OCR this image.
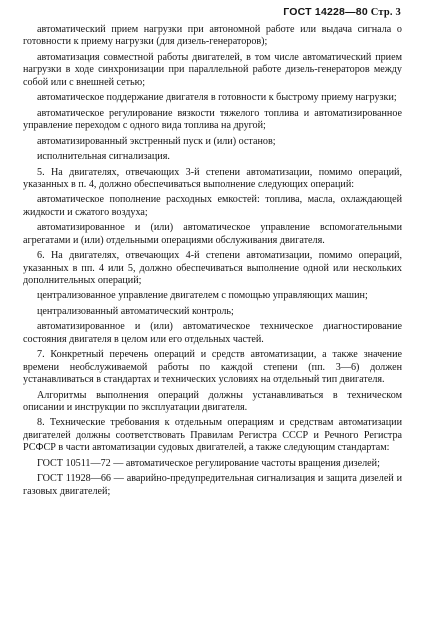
ГОСТ 14228—80 Стр. 3

автоматический прием нагрузки при автономной работе или выдача сигнала о готовности к приему нагрузки (для дизель-генераторов);

автоматизация совместной работы двигателей, в том числе автоматический прием нагрузки в ходе синхронизации при параллельной работе дизель-генераторов между собой или с внешней сетью;

автоматическое поддержание двигателя в готовности к быстрому приему нагрузки;

автоматическое регулирование вязкости тяжелого топлива и автоматизированное управление переходом с одного вида топлива на другой;

автоматизированный экстренный пуск и (или) останов;

исполнительная сигнализация.

5. На двигателях, отвечающих 3-й степени автоматизации, помимо операций, указанных в п. 4, должно обеспечиваться выполнение следующих операций:

автоматическое пополнение расходных емкостей: топлива, масла, охлаждающей жидкости и сжатого воздуха;

автоматизированное и (или) автоматическое управление вспомогательными агрегатами и (или) отдельными операциями обслуживания двигателя.

6. На двигателях, отвечающих 4-й степени автоматизации, помимо операций, указанных в пп. 4 или 5, должно обеспечиваться выполнение одной или нескольких дополнительных операций;

централизованное управление двигателем с помощью управляющих машин;

централизованный автоматический контроль;

автоматизированное и (или) автоматическое техническое диагностирование состояния двигателя в целом или его отдельных частей.

7. Конкретный перечень операций и средств автоматизации, а также значение времени необслуживаемой работы по каждой степени (пп. 3—6) должен устанавливаться в стандартах и технических условиях на отдельный тип двигателя.

Алгоритмы выполнения операций должны устанавливаться в техническом описании и инструкции по эксплуатации двигателя.

8. Технические требования к отдельным операциям и средствам автоматизации двигателей должны соответствовать Правилам Регистра СССР и Речного Регистра РСФСР в части автоматизации судовых двигателей, а также следующим стандартам:

ГОСТ 10511—72 — автоматическое регулирование частоты вращения дизелей;

ГОСТ 11928—66 — аварийно-предупредительная сигнализация и защита дизелей и газовых двигателей;
